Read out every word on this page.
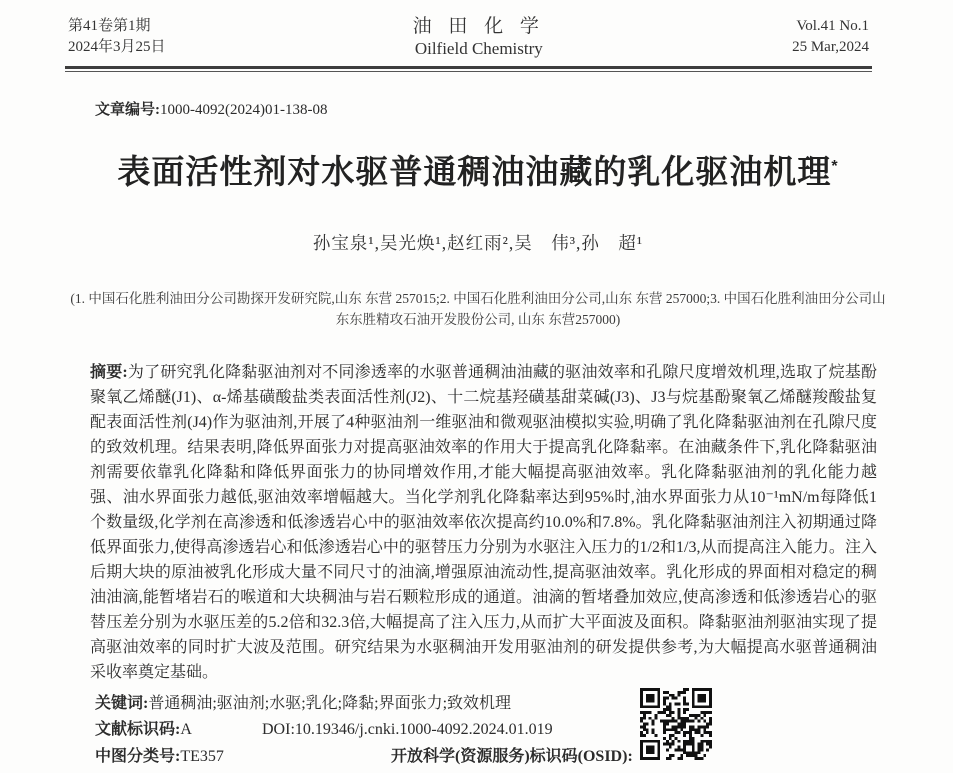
第41卷第1期
2024年3月25日
油 田 化 学
Oilfield Chemistry
Vol.41 No.1
25 Mar,2024
文章编号:1000-4092(2024)01-138-08
表面活性剂对水驱普通稠油油藏的乳化驱油机理*
孙宝泉¹,吴光焕¹,赵红雨²,吴　伟³,孙　超¹
(1. 中国石化胜利油田分公司勘探开发研究院,山东 东营 257015;2. 中国石化胜利油田分公司,山东 东营 257000;3. 中国石化胜利油田分公司山东东胜精攻石油开发股份公司, 山东 东营257000)
摘要:为了研究乳化降黏驱油剂对不同渗透率的水驱普通稠油油藏的驱油效率和孔隙尺度增效机理,选取了烷基酚聚氧乙烯醚(J1)、α-烯基磺酸盐类表面活性剂(J2)、十二烷基羟磺基甜菜碱(J3)、J3与烷基酚聚氧乙烯醚羧酸盐复配表面活性剂(J4)作为驱油剂,开展了4种驱油剂一维驱油和微观驱油模拟实验,明确了乳化降黏驱油剂在孔隙尺度的致效机理。结果表明,降低界面张力对提高驱油效率的作用大于提高乳化降黏率。在油藏条件下,乳化降黏驱油剂需要依靠乳化降黏和降低界面张力的协同增效作用,才能大幅提高驱油效率。乳化降黏驱油剂的乳化能力越强、油水界面张力越低,驱油效率增幅越大。当化学剂乳化降黏率达到95%时,油水界面张力从10⁻¹mN/m每降低1个数量级,化学剂在高渗透和低渗透岩心中的驱油效率依次提高约10.0%和7.8%。乳化降黏驱油剂注入初期通过降低界面张力,使得高渗透岩心和低渗透岩心中的驱替压力分别为水驱注入压力的1/2和1/3,从而提高注入能力。注入后期大块的原油被乳化形成大量不同尺寸的油滴,增强原油流动性,提高驱油效率。乳化形成的界面相对稳定的稠油油滴,能暂堵岩石的喉道和大块稠油与岩石颗粒形成的通道。油滴的暂堵叠加效应,使高渗透和低渗透岩心的驱替压差分别为水驱压差的5.2倍和32.3倍,大幅提高了注入压力,从而扩大平面波及面积。降黏驱油剂驱油实现了提高驱油效率的同时扩大波及范围。研究结果为水驱稠油开发用驱油剂的研发提供参考,为大幅提高水驱普通稠油采收率奠定基础。
关键词:普通稠油;驱油剂;水驱;乳化;降黏;界面张力;致效机理
文献标识码:A	DOI:10.19346/j.cnki.1000-4092.2024.01.019
中图分类号:TE357	开放科学(资源服务)标识码(OSID):
